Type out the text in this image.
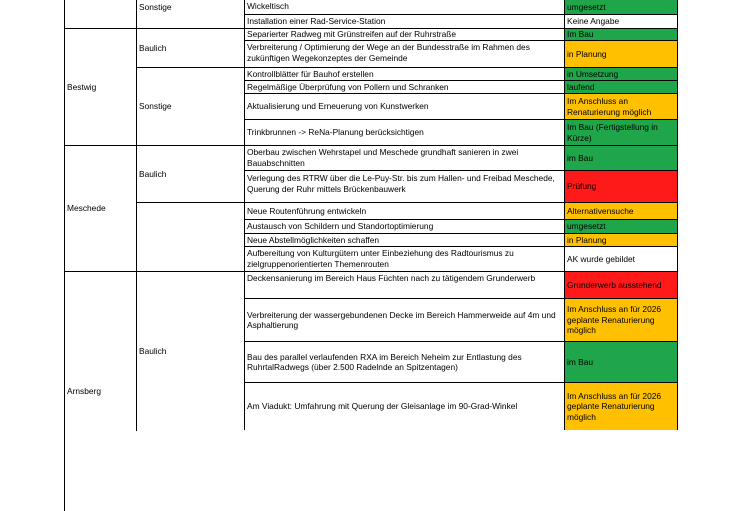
Bestwig
Meschede
Arnsberg
Sonstige
Baulich
Sonstige
Baulich
Baulich
Wickeltisch
Installation einer Rad-Service-Station
Separierter Radweg mit Grünstreifen auf der Ruhrstraße
Verbreiterung / Optimierung der Wege an der Bundesstraße im Rahmen des zukünftigen Wegekonzeptes der Gemeinde
Kontrollblätter für Bauhof erstellen
Regelmäßige Überprüfung von Pollern und Schranken
Aktualisierung und Erneuerung von Kunstwerken
Trinkbrunnen -> ReNa-Planung berücksichtigen
Oberbau zwischen Wehrstapel und Meschede grundhaft sanieren in zwei Bauabschnitten
Verlegung des RTRW über die Le-Puy-Str. bis zum Hallen- und Freibad Meschede, Querung der Ruhr mittels Brückenbauwerk
Neue Routenführung entwickeln
Austausch von Schildern und Standortoptimierung
Neue Abstellmöglichkeiten schaffen
Aufbereitung von Kulturgütern unter Einbeziehung des Radtourismus zu zielgruppenorientierten Themenrouten
Deckensanierung im Bereich Haus Füchten nach zu tätigendem Grunderwerb
Verbreiterung der wassergebundenen Decke im Bereich Hammerweide auf 4m und Asphaltierung
Bau des parallel verlaufenden RXA im Bereich Neheim zur Entlastung des RuhrtalRadwegs (über 2.500 Radelnde an Spitzentagen)
Am Viadukt: Umfahrung mit Querung der Gleisanlage im 90-Grad-Winkel
umgesetzt
Keine Angabe
Im Bau
in Planung
in Umsetzung
laufend
Im Anschluss an Renaturierung möglich
Im Bau (Fertigstellung in Kürze)
im Bau
Prüfung
Alternativensuche
umgesetzt
in Planung
AK wurde gebildet
Grunderwerb ausstehend
Im Anschluss an für 2026 geplante Renaturierung möglich
im Bau
Im Anschluss an für 2026 geplante Renaturierung möglich
